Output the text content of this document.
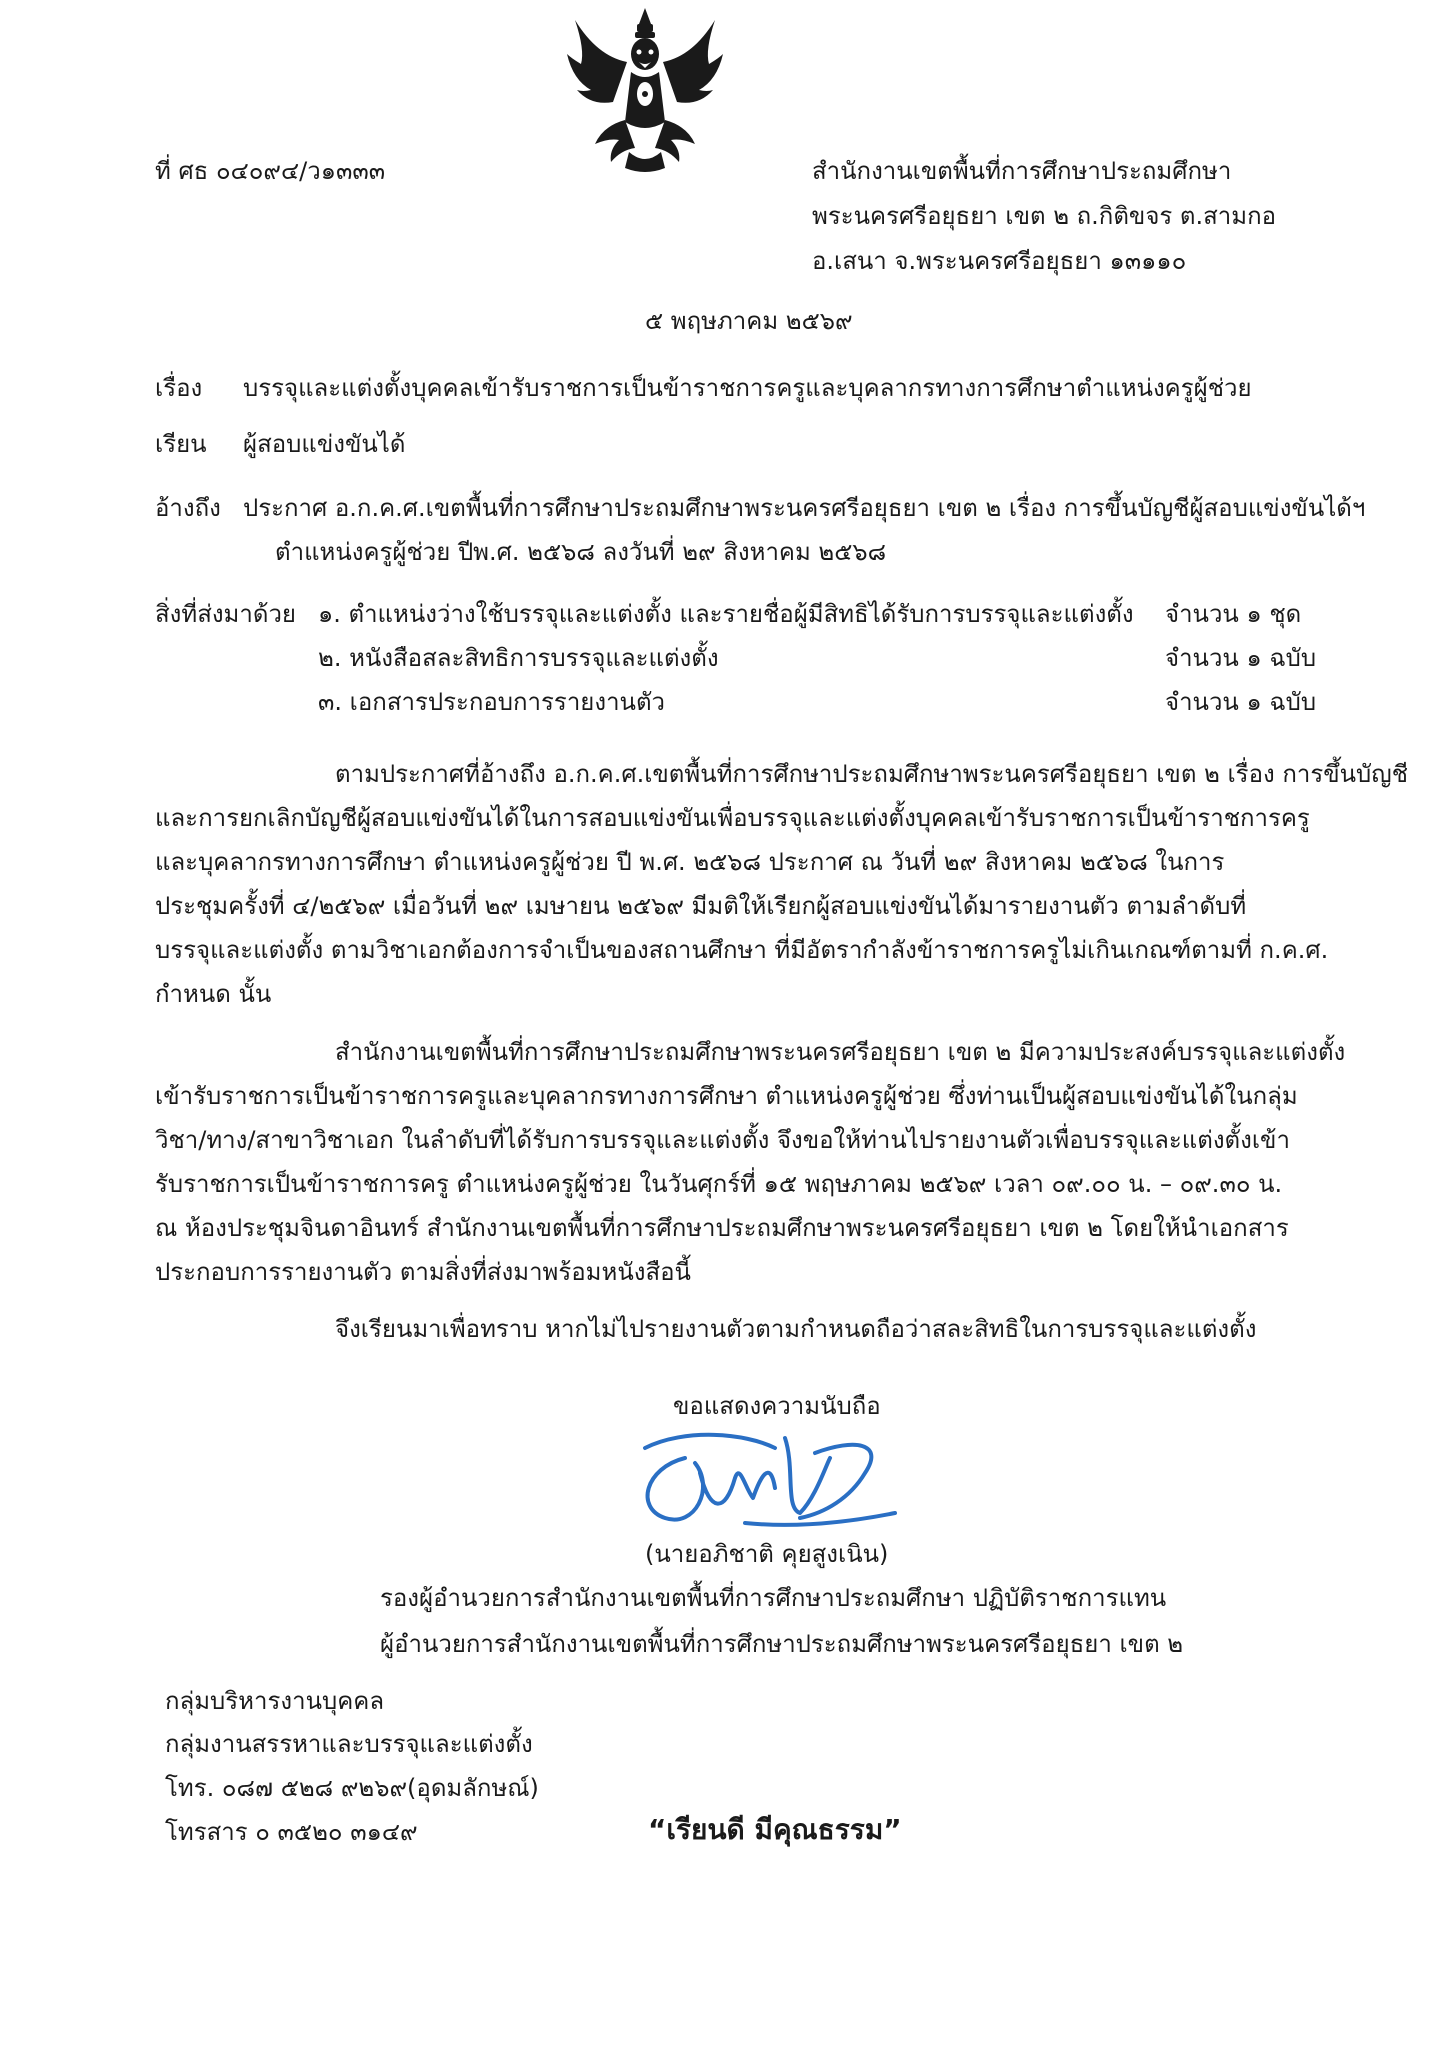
ที่ ศธ ๐๔๐๙๔/ว๑๓๓๓	สำนักงานเขตพื้นที่การศึกษาประถมศึกษา
พระนครศรีอยุธยา เขต ๒ ถ.กิติขจร ต.สามกอ
อ.เสนา จ.พระนครศรีอยุธยา ๑๓๑๑๐
๕ พฤษภาคม ๒๕๖๙
เรื่อง บรรจุและแต่งตั้งบุคคลเข้ารับราชการเป็นข้าราชการครูและบุคลากรทางการศึกษาตำแหน่งครูผู้ช่วย
เรียน ผู้สอบแข่งขันได้
อ้างถึง ประกาศ อ.ก.ค.ศ.เขตพื้นที่การศึกษาประถมศึกษาพระนครศรีอยุธยา เขต ๒ เรื่อง การขึ้นบัญชีผู้สอบแข่งขันได้ฯ
ตำแหน่งครูผู้ช่วย ปีพ.ศ. ๒๕๖๘ ลงวันที่ ๒๙ สิงหาคม ๒๕๖๘
สิ่งที่ส่งมาด้วย ๑. ตำแหน่งว่างใช้บรรจุและแต่งตั้ง และรายชื่อผู้มีสิทธิได้รับการบรรจุและแต่งตั้ง จำนวน ๑ ชุด
๒. หนังสือสละสิทธิการบรรจุและแต่งตั้ง	จำนวน ๑ ฉบับ
๓. เอกสารประกอบการรายงานตัว	จำนวน ๑ ฉบับ
ตามประกาศที่อ้างถึง อ.ก.ค.ศ.เขตพื้นที่การศึกษาประถมศึกษาพระนครศรีอยุธยา เขต ๒ เรื่อง การขึ้นบัญชี
และการยกเลิกบัญชีผู้สอบแข่งขันได้ในการสอบแข่งขันเพื่อบรรจุและแต่งตั้งบุคคลเข้ารับราชการเป็นข้าราชการครู
และบุคลากรทางการศึกษา ตำแหน่งครูผู้ช่วย ปี พ.ศ. ๒๕๖๘ ประกาศ ณ วันที่ ๒๙ สิงหาคม ๒๕๖๘ ในการ
ประชุมครั้งที่ ๔/๒๕๖๙ เมื่อวันที่ ๒๙ เมษายน ๒๕๖๙ มีมติให้เรียกผู้สอบแข่งขันได้มารายงานตัว ตามลำดับที่
บรรจุและแต่งตั้ง ตามวิชาเอกต้องการจำเป็นของสถานศึกษา ที่มีอัตรากำลังข้าราชการครูไม่เกินเกณฑ์ตามที่ ก.ค.ศ.
กำหนด นั้น
สำนักงานเขตพื้นที่การศึกษาประถมศึกษาพระนครศรีอยุธยา เขต ๒ มีความประสงค์บรรจุและแต่งตั้ง
เข้ารับราชการเป็นข้าราชการครูและบุคลากรทางการศึกษา ตำแหน่งครูผู้ช่วย ซึ่งท่านเป็นผู้สอบแข่งขันได้ในกลุ่ม
วิชา/ทาง/สาขาวิชาเอก ในลำดับที่ได้รับการบรรจุและแต่งตั้ง จึงขอให้ท่านไปรายงานตัวเพื่อบรรจุและแต่งตั้งเข้า
รับราชการเป็นข้าราชการครู ตำแหน่งครูผู้ช่วย ในวันศุกร์ที่ ๑๕ พฤษภาคม ๒๕๖๙ เวลา ๐๙.๐๐ น. – ๐๙.๓๐ น.
ณ ห้องประชุมจินดาอินทร์ สำนักงานเขตพื้นที่การศึกษาประถมศึกษาพระนครศรีอยุธยา เขต ๒ โดยให้นำเอกสาร
ประกอบการรายงานตัว ตามสิ่งที่ส่งมาพร้อมหนังสือนี้
จึงเรียนมาเพื่อทราบ หากไม่ไปรายงานตัวตามกำหนดถือว่าสละสิทธิในการบรรจุและแต่งตั้ง
ขอแสดงความนับถือ
(นายอภิชาติ คุยสูงเนิน)
รองผู้อำนวยการสำนักงานเขตพื้นที่การศึกษาประถมศึกษา ปฏิบัติราชการแทน
ผู้อำนวยการสำนักงานเขตพื้นที่การศึกษาประถมศึกษาพระนครศรีอยุธยา เขต ๒
กลุ่มบริหารงานบุคคล
กลุ่มงานสรรหาและบรรจุและแต่งตั้ง
โทร. ๐๘๗ ๕๒๘ ๙๒๖๙(อุดมลักษณ์)
โทรสาร ๐ ๓๕๒๐ ๓๑๔๙	“เรียนดี มีคุณธรรม”
